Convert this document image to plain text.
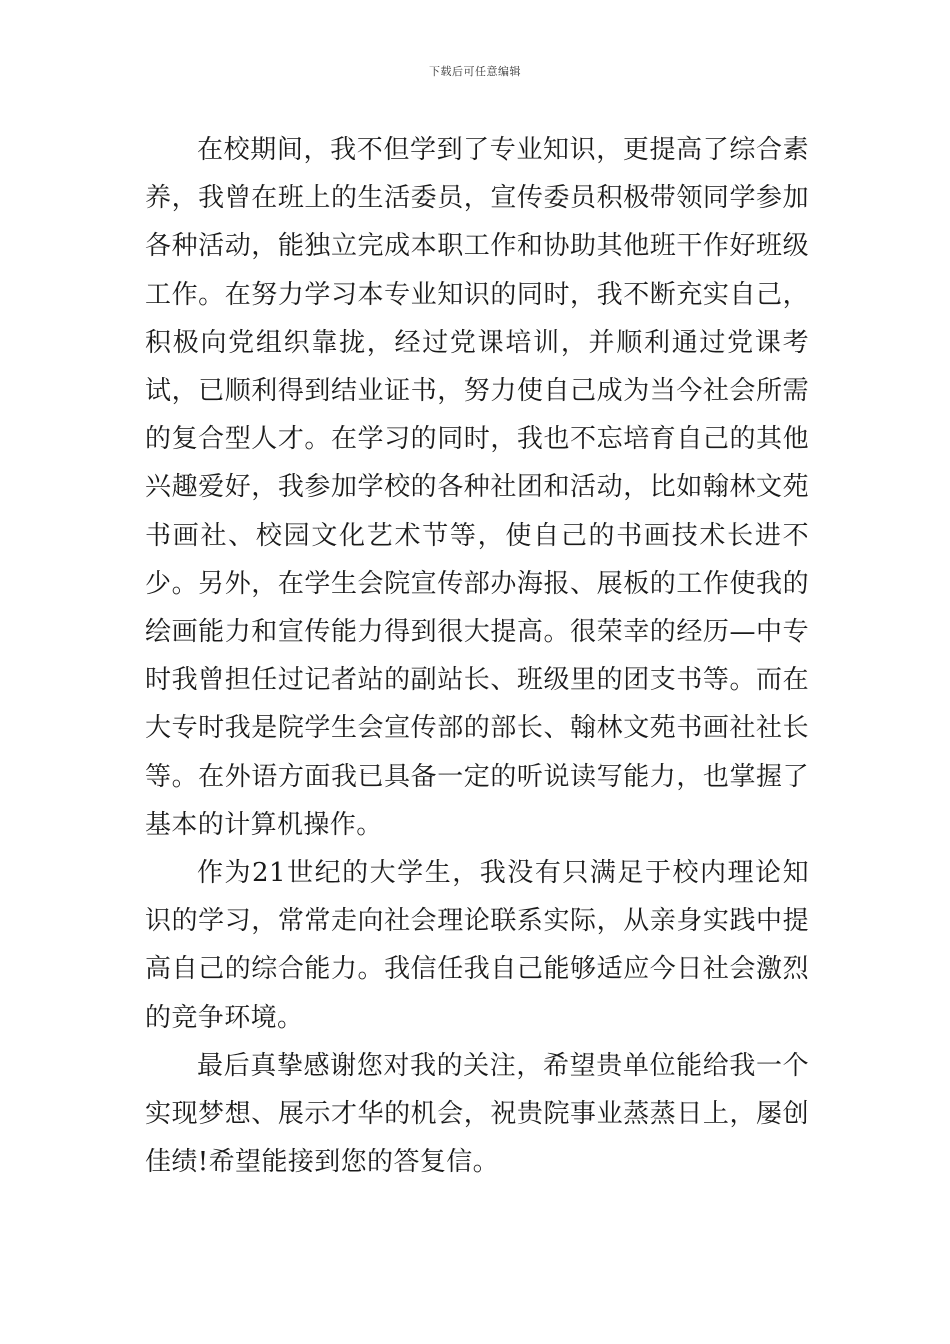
下载后可任意编辑

在校期间，我不但学到了专业知识，更提高了综合素养，我曾在班上的生活委员，宣传委员积极带领同学参加各种活动，能独立完成本职工作和协助其他班干作好班级工作。在努力学习本专业知识的同时，我不断充实自己，积极向党组织靠拢，经过党课培训，并顺利通过党课考试，已顺利得到结业证书，努力使自己成为当今社会所需的复合型人才。在学习的同时，我也不忘培育自己的其他兴趣爱好，我参加学校的各种社团和活动，比如翰林文苑书画社、校园文化艺术节等，使自己的书画技术长进不少。另外，在学生会院宣传部办海报、展板的工作使我的绘画能力和宣传能力得到很大提高。很荣幸的经历—中专时我曾担任过记者站的副站长、班级里的团支书等。而在大专时我是院学生会宣传部的部长、翰林文苑书画社社长等。在外语方面我已具备一定的听说读写能力，也掌握了基本的计算机操作。

作为21世纪的大学生，我没有只满足于校内理论知识的学习，常常走向社会理论联系实际，从亲身实践中提高自己的综合能力。我信任我自己能够适应今日社会激烈的竞争环境。

最后真挚感谢您对我的关注，希望贵单位能给我一个实现梦想、展示才华的机会，祝贵院事业蒸蒸日上，屡创佳绩!希望能接到您的答复信。
